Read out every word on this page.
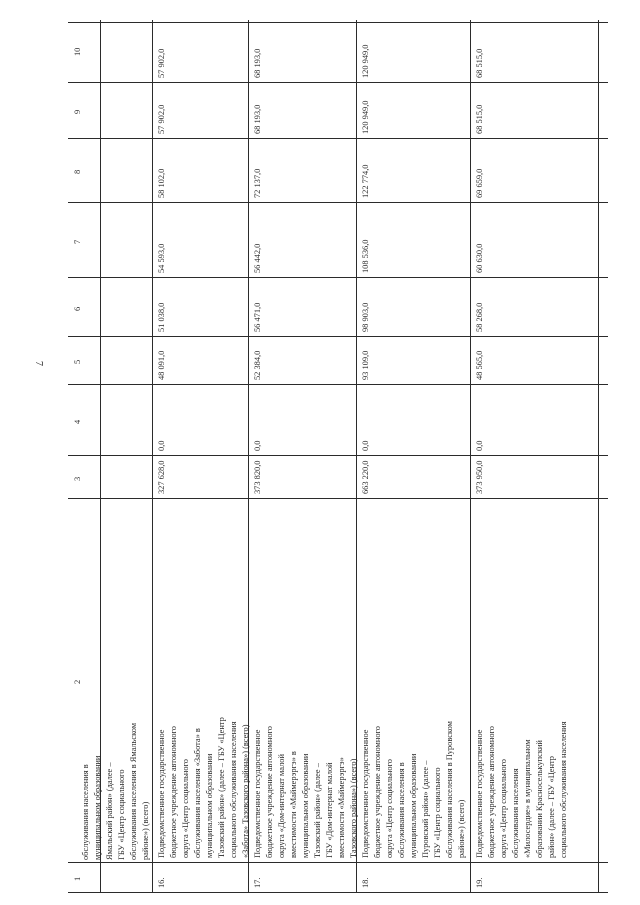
7
1
2
3
4
5
6
7
8
9
10
обслуживания населения в муниципальном образовании Ямальский район» (далее – ГБУ «Центр социального обслуживания населения в Ямальском районе») (всего)
16.
Подведомственное государственное бюджетное учреждение автономного округа «Центр социального обслуживания населения «Забота» в муниципальном образовании Тазовский район» (далее – ГБУ «Центр социального обслуживания населения «Забота» Тазовского района») (всего)
327 628,0
0,0
48 091,0
51 038,0
54 593,0
58 102,0
57 902,0
57 902,0
17.
Подведомственное государственное бюджетное учреждение автономного округа «Дом-интернат малой вместимости «Маймерэргэ» в муниципальном образовании Тазовский район» (далее – ГБУ «Дом-интернат малой вместимости «Маймерэргэ» Тазовского района») (всего)
373 820,0
0,0
52 384,0
56 471,0
56 442,0
72 137,0
68 193,0
68 193,0
18.
Подведомственное государственное бюджетное учреждение автономного округа «Центр социального обслуживания населения в муниципальном образовании Пуровский район» (далее – ГБУ «Центр социального обслуживания населения в Пуровском районе») (всего)
663 220,0
0,0
93 109,0
98 903,0
108 536,0
122 774,0
120 949,0
120 949,0
19.
Подведомственное государственное бюджетное учреждение автономного округа «Центр социального обслуживания населения «Милосердие» в муниципальном образовании Красноселькупский район» (далее – ГБУ «Центр социального обслуживания населения
373 950,0
0,0
48 565,0
58 268,0
60 630,0
69 659,0
68 515,0
68 515,0
